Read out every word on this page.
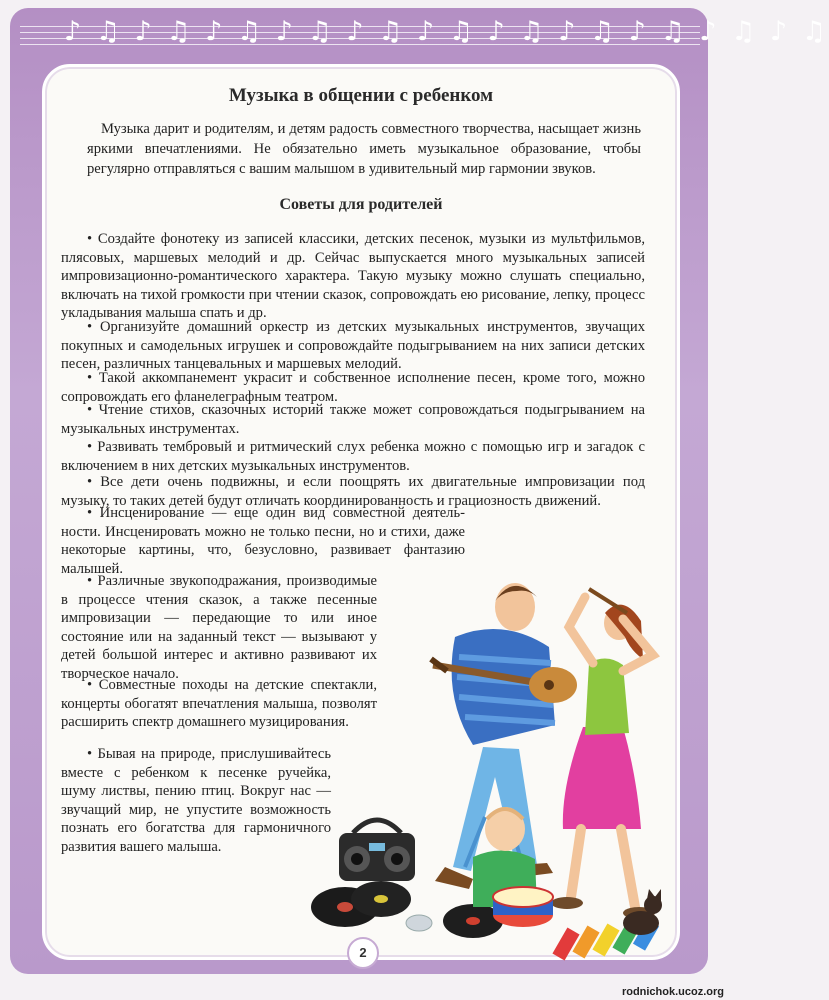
♪ ♫ ♪ ♫ ♪ ♫ ♪ ♫ ♪ ♫ ♪ ♫ ♪ ♫ ♪ ♫ ♪ ♫ ♪ ♫ ♪ ♫
Музыка в общении с ребенком

Музыка дарит и родителям, и детям радость совместного творчества, насыщает жизнь яркими впечатлениями. Не обязательно иметь музыкальное образование, чтобы регулярно отправляться с вашим малышом в удивительный мир гармонии звуков.

Советы для родителей

• Создайте фонотеку из записей классики, детских песенок, музыки из мультфильмов, плясовых, маршевых мелодий и др. Сейчас выпускается много музыкальных записей импровизационно-романтического характера. Такую музыку можно слушать специально, включать на тихой громкости при чтении сказок, сопровождать ею рисование, лепку, процесс укладывания малыша спать и др.

• Организуйте домашний оркестр из детских музыкальных инструментов, звучащих покупных и самодельных игрушек и сопровождайте подыгрыванием на них записи детских песен, различных танцевальных и маршевых мелодий.

• Такой аккомпанемент украсит и собственное исполнение песен, кроме того, можно сопровождать его фланелеграфным театром.

• Чтение стихов, сказочных историй также может сопровождаться подыгрыванием на музыкальных инструментах.

• Развивать тембровый и ритмический слух ребенка можно с помощью игр и загадок с включением в них детских музыкальных инструментов.

• Все дети очень подвижны, и если поощрять их двигательные импровизации под музыку, то таких детей будут отличать координированность и грациозность движений.

• Инсценирование — еще один вид совместной деятельности. Инсценировать можно не только песни, но и стихи, даже некоторые картины, что, безусловно, развивает фантазию малышей.

• Различные звукоподражания, производимые в процессе чтения сказок, а также песенные импровизации — передающие то или иное состояние или на заданный текст — вызывают у детей большой интерес и активно развивают их творческое начало.

• Совместные походы на детские спектакли, концерты обогатят впечатления малыша, позволят расширить спектр домашнего музицирования.

• Бывая на природе, прислушивайтесь вместе с ребенком к песенке ручейка, шуму листвы, пению птиц. Вокруг нас — звучащий мир, не упустите возможность познать его богатства для гармоничного развития вашего малыша.

2
rodnichok.ucoz.org
